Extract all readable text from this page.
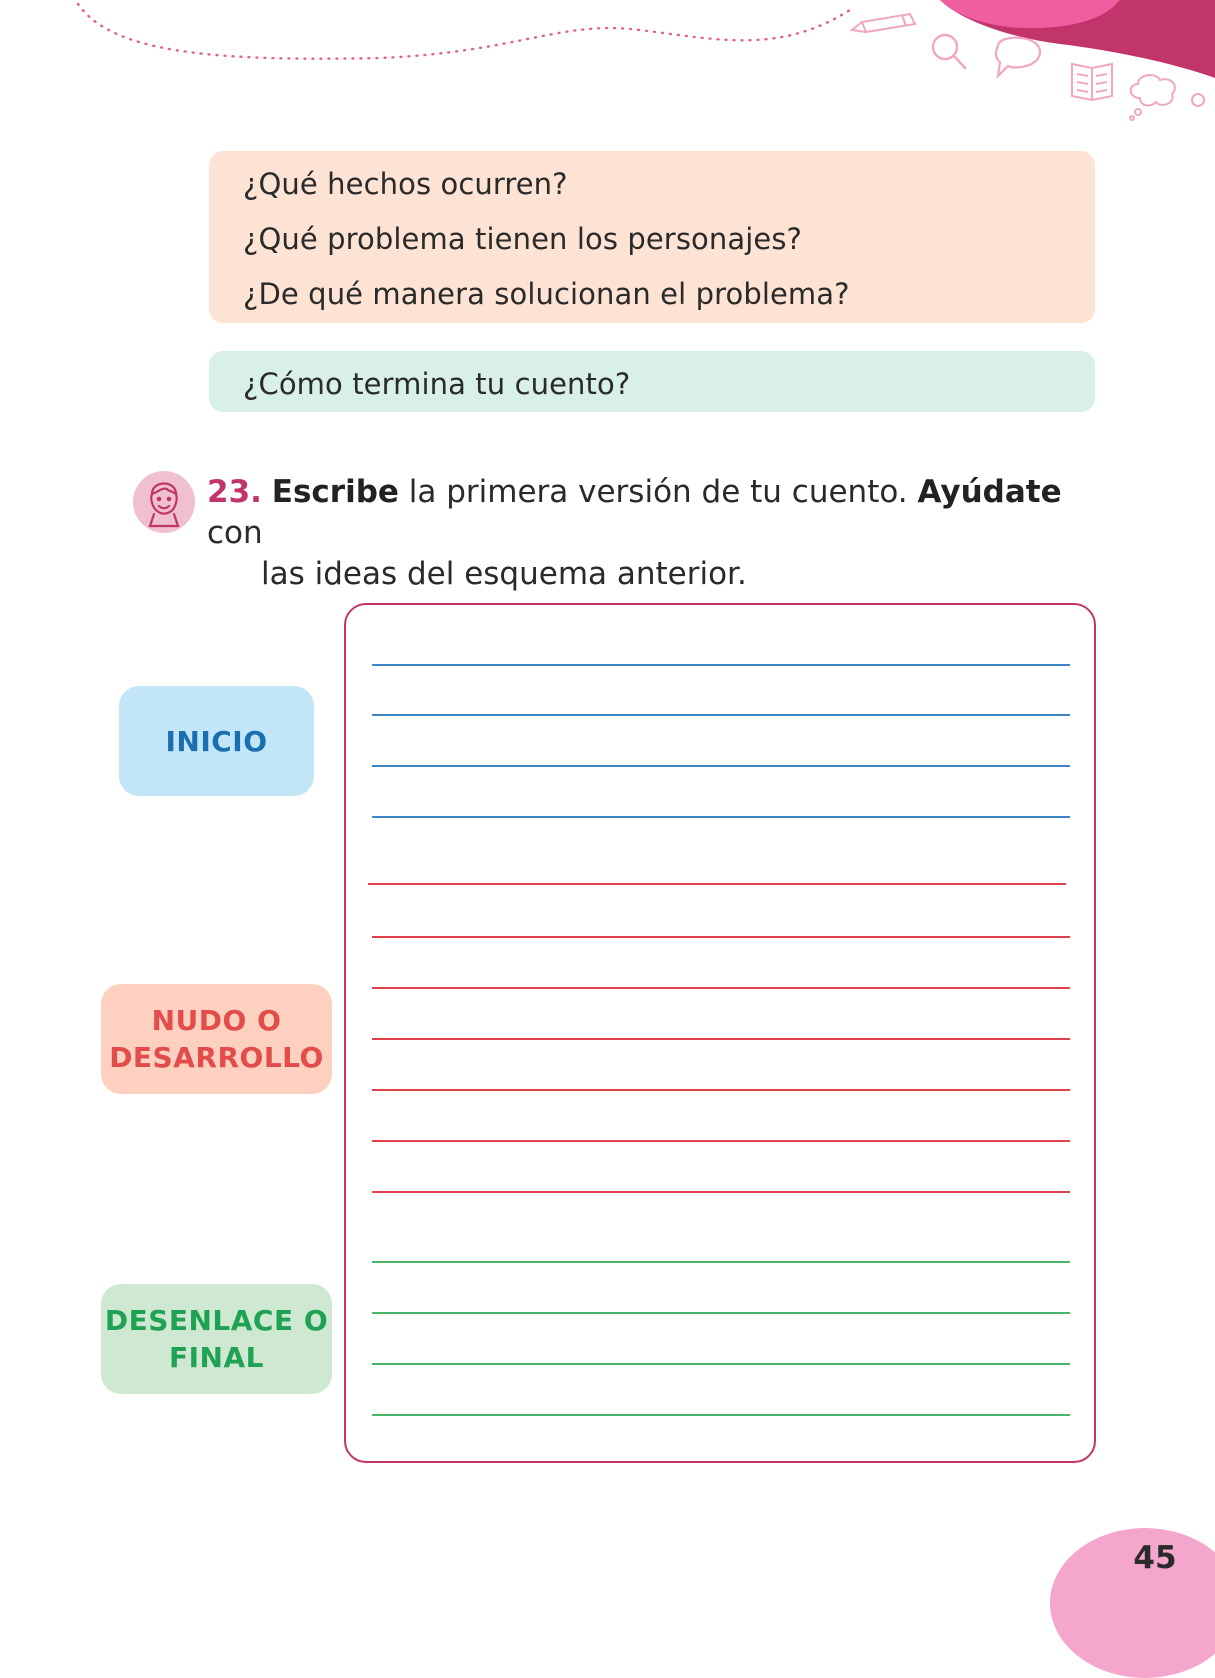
¿Qué hechos ocurren?
¿Qué problema tienen los personajes?
¿De qué manera solucionan el problema?
¿Cómo termina tu cuento?
23. Escribe la primera versión de tu cuento. Ayúdate con
las ideas del esquema anterior.
INICIO
NUDO O
DESARROLLO
DESENLACE O
FINAL
45
